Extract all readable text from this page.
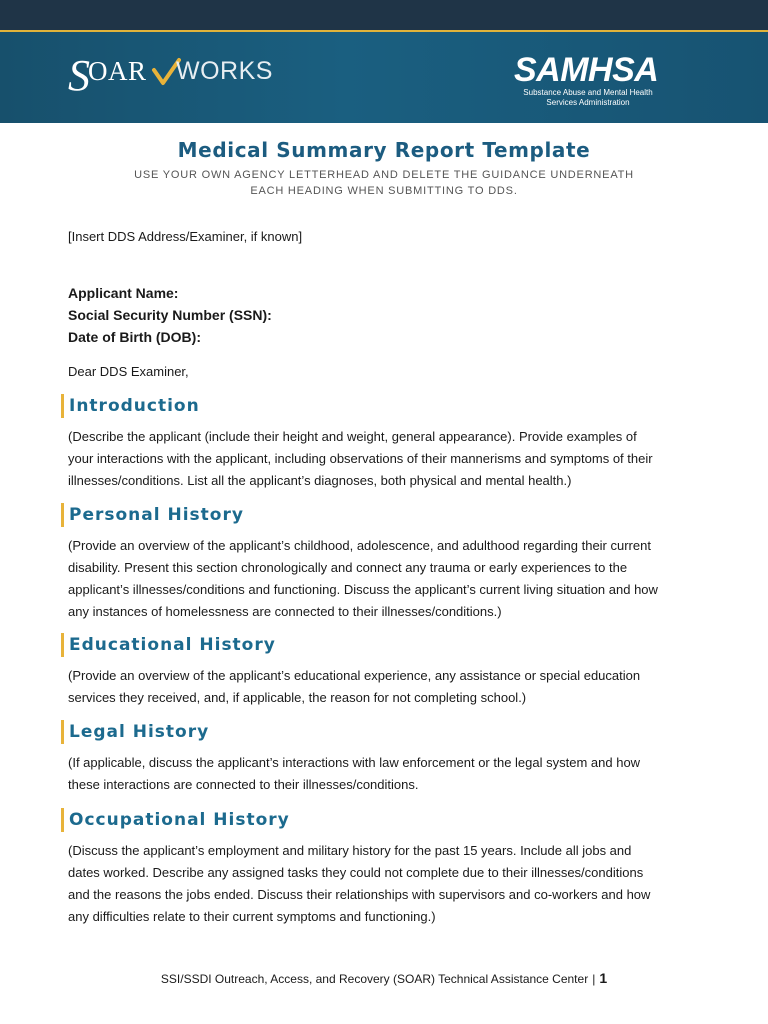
S
OAR WORKS	SAMHSA
Substance Abuse and Mental Health
Services Administration
Medical Summary Report Template
USE YOUR OWN AGENCY LETTERHEAD AND DELETE THE GUIDANCE UNDERNEATH
EACH HEADING WHEN SUBMITTING TO DDS.
[Insert DDS Address/Examiner, if known]
Applicant Name:
Social Security Number (SSN):
Date of Birth (DOB):
Dear DDS Examiner,
Introduction
(Describe the applicant (include their height and weight, general appearance). Provide examples of
your interactions with the applicant, including observations of their mannerisms and symptoms of their
illnesses/conditions. List all the applicant’s diagnoses, both physical and mental health.)
Personal History
(Provide an overview of the applicant’s childhood, adolescence, and adulthood regarding their current
disability. Present this section chronologically and connect any trauma or early experiences to the
applicant’s illnesses/conditions and functioning. Discuss the applicant’s current living situation and how
any instances of homelessness are connected to their illnesses/conditions.)
Educational History
(Provide an overview of the applicant’s educational experience, any assistance or special education
services they received, and, if applicable, the reason for not completing school.)
Legal History
(If applicable, discuss the applicant’s interactions with law enforcement or the legal system and how
these interactions are connected to their illnesses/conditions.
Occupational History
(Discuss the applicant’s employment and military history for the past 15 years. Include all jobs and
dates worked. Describe any assigned tasks they could not complete due to their illnesses/conditions
and the reasons the jobs ended. Discuss their relationships with supervisors and co-workers and how
any difficulties relate to their current symptoms and functioning.)
SSI/SSDI Outreach, Access, and Recovery (SOAR) Technical Assistance Center | 1
